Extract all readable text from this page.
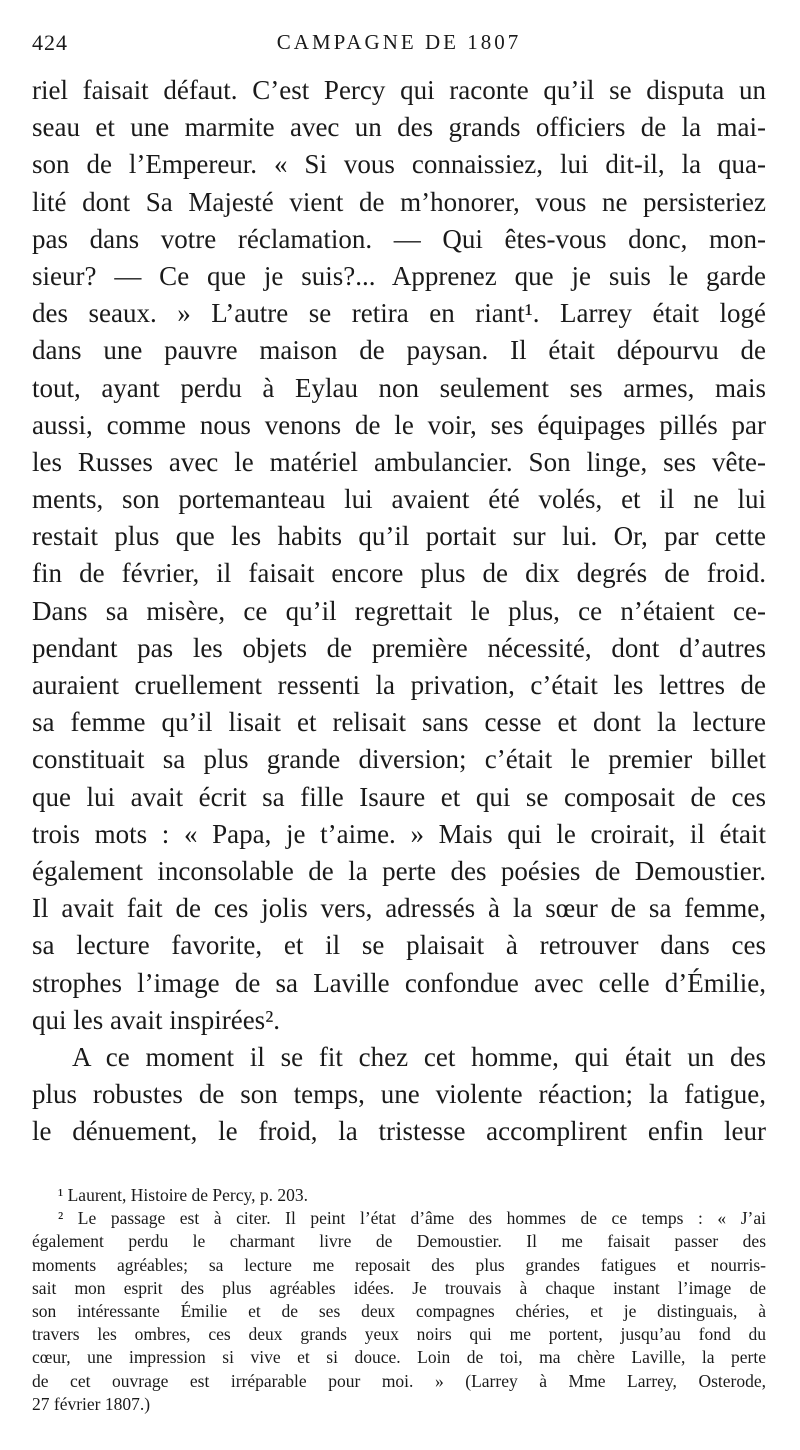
424	CAMPAGNE DE 1807
riel faisait défaut. C’est Percy qui raconte qu’il se disputa un
seau et une marmite avec un des grands officiers de la mai-
son de l’Empereur. « Si vous connaissiez, lui dit-il, la qua-
lité dont Sa Majesté vient de m’honorer, vous ne persisteriez
pas dans votre réclamation. — Qui êtes-vous donc, mon-
sieur? — Ce que je suis?... Apprenez que je suis le garde
des seaux. » L’autre se retira en riant¹. Larrey était logé
dans une pauvre maison de paysan. Il était dépourvu de
tout, ayant perdu à Eylau non seulement ses armes, mais
aussi, comme nous venons de le voir, ses équipages pillés par
les Russes avec le matériel ambulancier. Son linge, ses vête-
ments, son portemanteau lui avaient été volés, et il ne lui
restait plus que les habits qu’il portait sur lui. Or, par cette
fin de février, il faisait encore plus de dix degrés de froid.
Dans sa misère, ce qu’il regrettait le plus, ce n’étaient ce-
pendant pas les objets de première nécessité, dont d’autres
auraient cruellement ressenti la privation, c’était les lettres de
sa femme qu’il lisait et relisait sans cesse et dont la lecture
constituait sa plus grande diversion; c’était le premier billet
que lui avait écrit sa fille Isaure et qui se composait de ces
trois mots : « Papa, je t’aime. » Mais qui le croirait, il était
également inconsolable de la perte des poésies de Demoustier.
Il avait fait de ces jolis vers, adressés à la sœur de sa femme,
sa lecture favorite, et il se plaisait à retrouver dans ces
strophes l’image de sa Laville confondue avec celle d’Émilie,
qui les avait inspirées².
A ce moment il se fit chez cet homme, qui était un des
plus robustes de son temps, une violente réaction; la fatigue,
le dénuement, le froid, la tristesse accomplirent enfin leur
¹ Laurent, Histoire de Percy, p. 203.
² Le passage est à citer. Il peint l’état d’âme des hommes de ce temps : « J’ai
également perdu le charmant livre de Demoustier. Il me faisait passer des
moments agréables; sa lecture me reposait des plus grandes fatigues et nourris-
sait mon esprit des plus agréables idées. Je trouvais à chaque instant l’image de
son intéressante Émilie et de ses deux compagnes chéries, et je distinguais, à
travers les ombres, ces deux grands yeux noirs qui me portent, jusqu’au fond du
cœur, une impression si vive et si douce. Loin de toi, ma chère Laville, la perte
de cet ouvrage est irréparable pour moi. » (Larrey à Mme Larrey, Osterode,
27 février 1807.)
